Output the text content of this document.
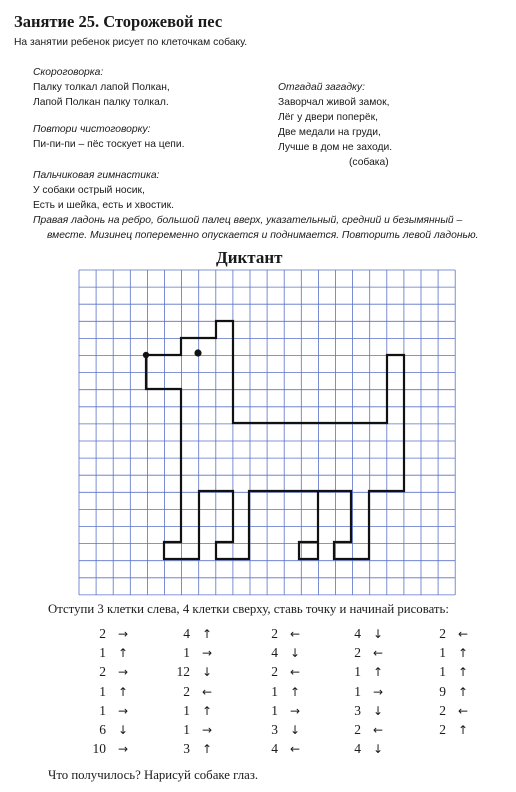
Занятие 25. Сторожевой пес
На занятии ребенок рисует по клеточкам собаку.
Скороговорка:
Палку толкал лапой Полкан,
Лапой Полкан палку толкал.
Повтори чистоговорку:
Пи-пи-пи – пёс тоскует на цепи.
Отгадай загадку:
Заворчал живой замок,
Лёг у двери поперёк,
Две медали на груди,
Лучше в дом не заходи.
(собака)
Пальчиковая гимнастика:
У собаки острый носик,
Есть и шейка, есть и хвостик.
Правая ладонь на ребро, большой палец вверх, указательный, средний и безымянный –
вместе. Мизинец попеременно опускается и поднимается. Повторить левой ладонью.
Диктант
Отступи 3 клетки слева, 4 клетки сверху, ставь точку и начинай рисовать:
2 →
1 ↑
2 →
1 ↑
1 →
6 ↓
10 →
4 ↑
1 →
12 ↓
2 ←
1 ↑
1 →
3 ↑
2 ←
4 ↓
2 ←
1 ↑
1 →
3 ↓
4 ←
4 ↓
2 ←
1 ↑
1 →
3 ↓
2 ←
4 ↓
2 ←
1 ↑
1 ↑
9 ↑
2 ←
2 ↑
Что получилось? Нарисуй собаке глаз.
